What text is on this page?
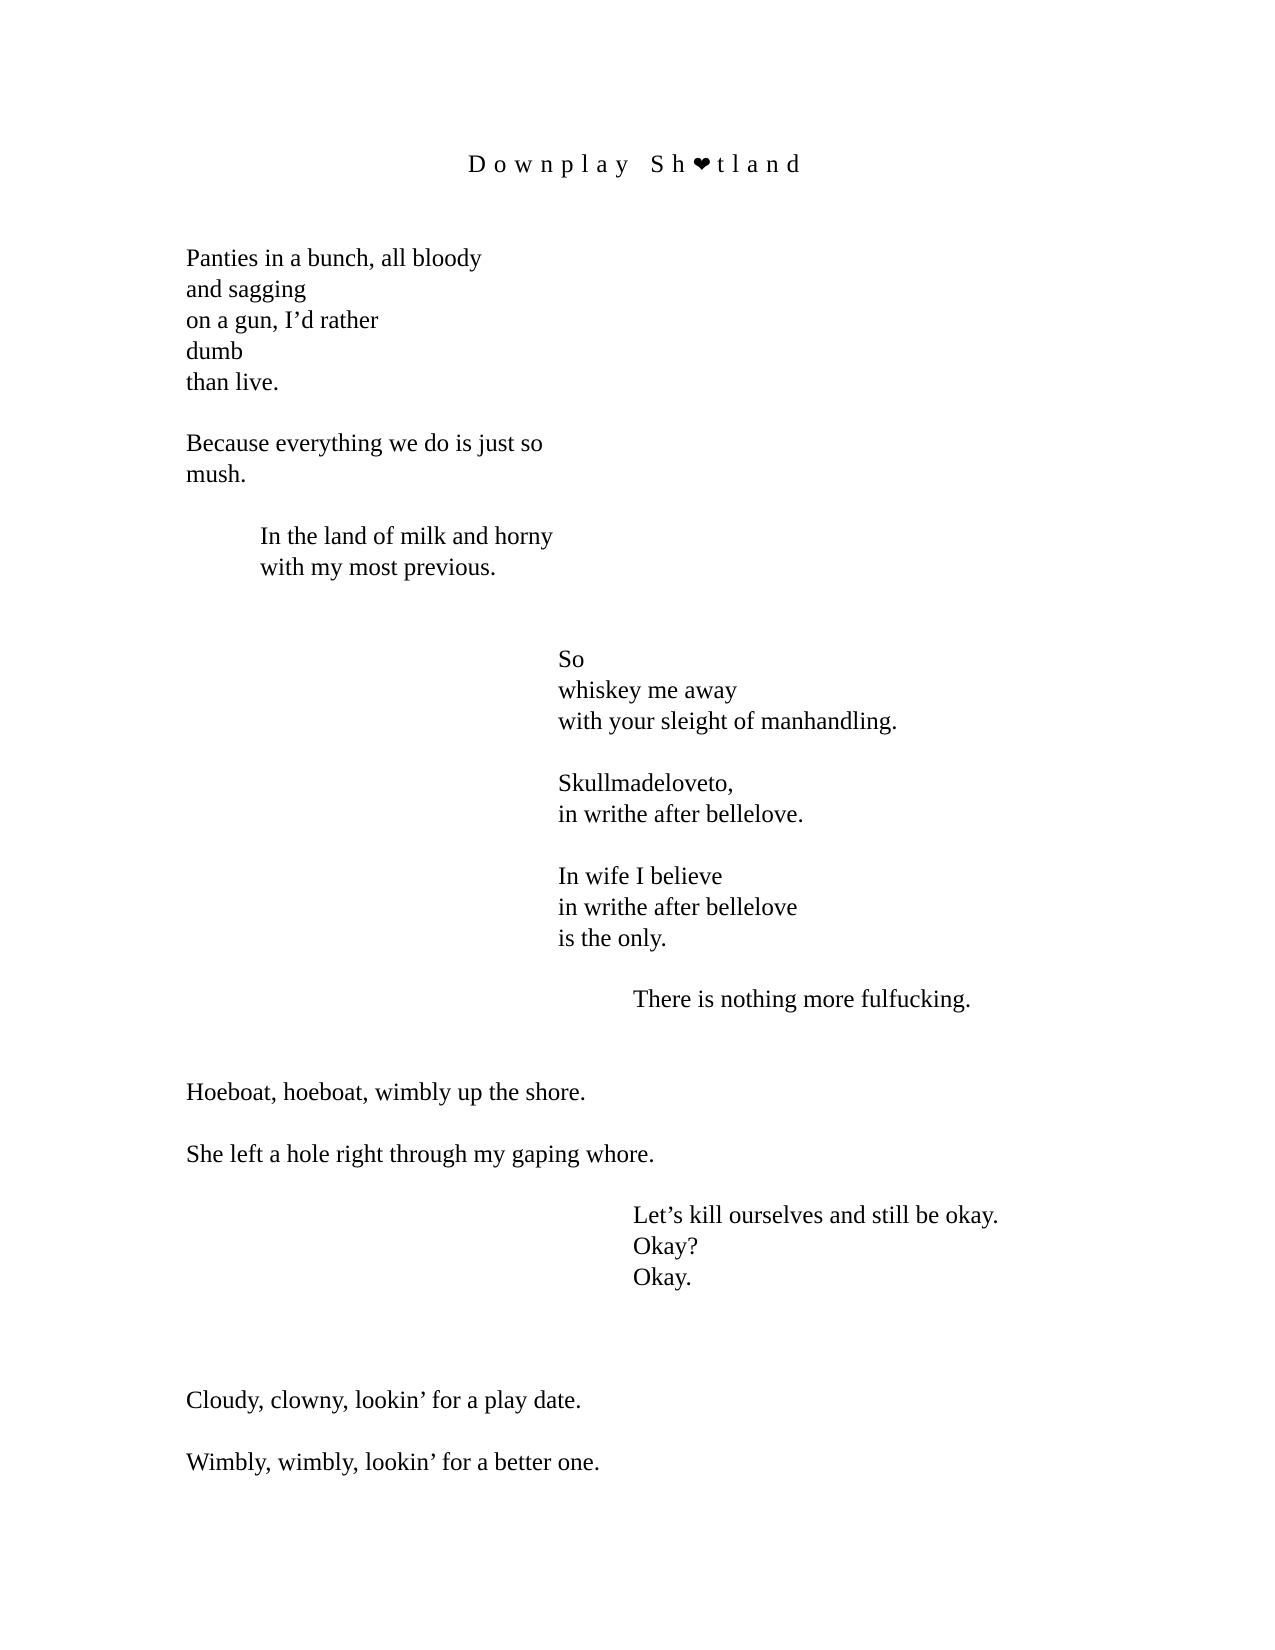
Downplay Sh❤tland
Panties in a bunch, all bloody
and sagging
on a gun, I’d rather
dumb
than live.
Because everything we do is just so
mush.
In the land of milk and horny
with my most previous.
So
whiskey me away
with your sleight of manhandling.
Skullmadeloveto,
in writhe after bellelove.
In wife I believe
in writhe after bellelove
is the only.
There is nothing more fulfucking.
Hoeboat, hoeboat, wimbly up the shore.
She left a hole right through my gaping whore.
Let’s kill ourselves and still be okay.
Okay?
Okay.
Cloudy, clowny, lookin’ for a play date.
Wimbly, wimbly, lookin’ for a better one.
